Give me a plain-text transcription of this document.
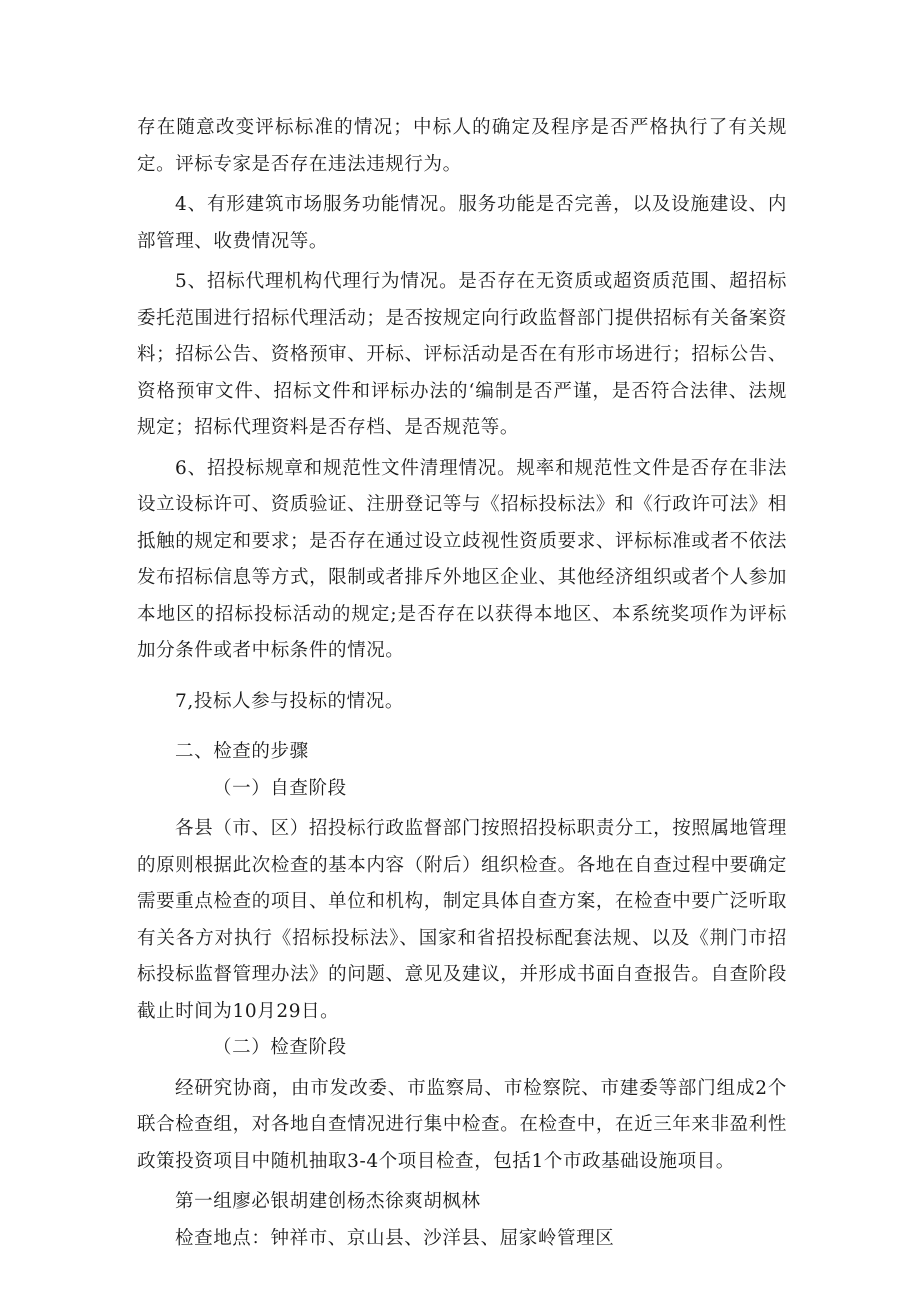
存在随意改变评标标准的情况；中标人的确定及程序是否严格执行了有关规定。评标专家是否存在违法违规行为。

4、有形建筑市场服务功能情况。服务功能是否完善，以及设施建设、内部管理、收费情况等。

5、招标代理机构代理行为情况。是否存在无资质或超资质范围、超招标委托范围进行招标代理活动；是否按规定向行政监督部门提供招标有关备案资料；招标公告、资格预审、开标、评标活动是否在有形市场进行；招标公告、资格预审文件、招标文件和评标办法的‘编制是否严谨，是否符合法律、法规规定；招标代理资料是否存档、是否规范等。

6、招投标规章和规范性文件清理情况。规率和规范性文件是否存在非法设立设标许可、资质验证、注册登记等与《招标投标法》和《行政许可法》相抵触的规定和要求；是否存在通过设立歧视性资质要求、评标标准或者不依法发布招标信息等方式，限制或者排斥外地区企业、其他经济组织或者个人参加本地区的招标投标活动的规定;是否存在以获得本地区、本系统奖项作为评标加分条件或者中标条件的情况。

7,投标人参与投标的情况。

二、检查的步骤

（一）自查阶段

各县（市、区）招投标行政监督部门按照招投标职责分工，按照属地管理的原则根据此次检查的基本内容（附后）组织检查。各地在自查过程中要确定需要重点检查的项目、单位和机构，制定具体自查方案，在检查中要广泛听取有关各方对执行《招标投标法》、国家和省招投标配套法规、以及《荆门市招标投标监督管理办法》的问题、意见及建议，并形成书面自查报告。自查阶段截止时间为10月29日。

（二）检查阶段

经研究协商，由市发改委、市监察局、市检察院、市建委等部门组成2个联合检查组，对各地自查情况进行集中检查。在检查中，在近三年来非盈利性政策投资项目中随机抽取3-4个项目检查，包括1个市政基础设施项目。

第一组廖必银胡建创杨杰徐爽胡枫林

检查地点：钟祥市、京山县、沙洋县、屈家岭管理区
